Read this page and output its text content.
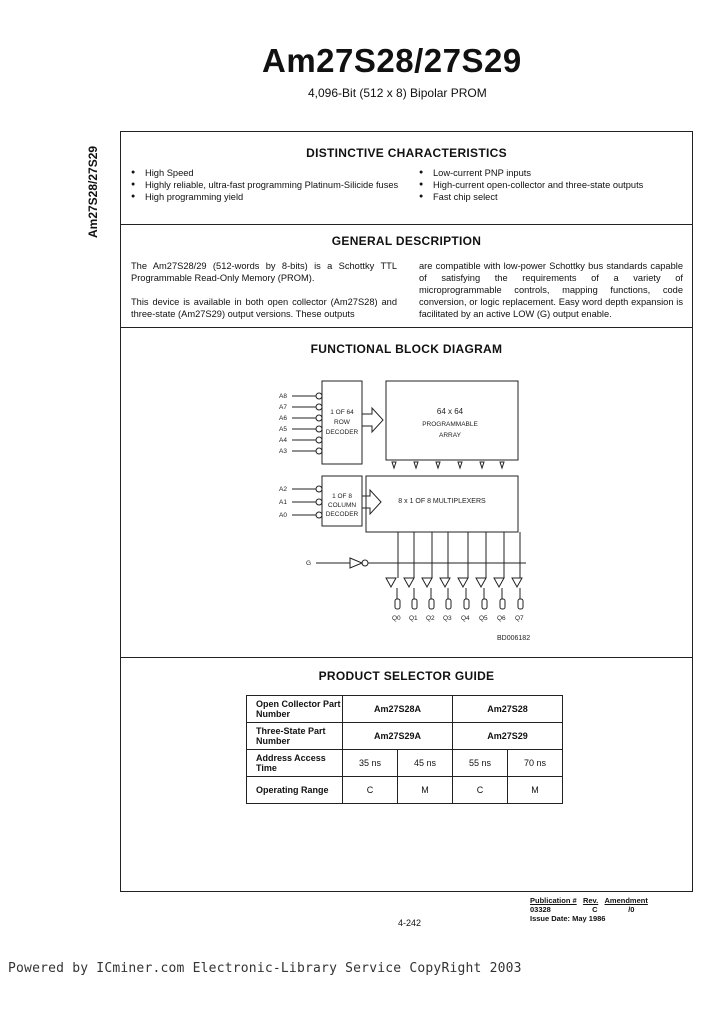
Am27S28/27S29
4,096-Bit (512 x 8) Bipolar PROM
Am27S28/27S29	DISTINCTIVE CHARACTERISTICS
● High Speed
● Highly reliable, ultra-fast programming Platinum-Silicide fuses
● High programming yield
● Low-current PNP inputs
● High-current open-collector and three-state outputs
● Fast chip select
GENERAL DESCRIPTION

The Am27S28/29 (512-words by 8-bits) is a Schottky TTL Programmable Read-Only Memory (PROM).

This device is available in both open collector (Am27S28) and three-state (Am27S29) output versions. These outputs

are compatible with low-power Schottky bus standards capable of satisfying the requirements of a variety of microprogrammable controls, mapping functions, code conversion, or logic replacement. Easy word depth expansion is facilitated by an active LOW (G) output enable.

FUNCTIONAL BLOCK DIAGRAM
PRODUCT SELECTOR GUIDE
A8
A7
A6
A5
A4
A3
A2
A1
A0
1 OF 64
ROW
DECODER
1 OF 8
COLUMN
DECODER
64 x 64
PROGRAMMABLE
ARRAY
8 x 1 OF 8 MULTIPLEXERS
G
Q0 Q1 Q2 Q3 Q4 Q5 Q6 Q7
BD006182
Open Collector Part Number	Am27S28A		Am27S28	
Three-State Part Number	Am27S29A		Am27S29	
Address Access Time	35 ns	45 ns	55 ns	70 ns
Operating Range	C	M	C	M
Publication # Rev. Amendment
03328	C	/0
Issue Date: May 1986
4-242
Powered by ICminer.com Electronic-Library Service CopyRight 2003
